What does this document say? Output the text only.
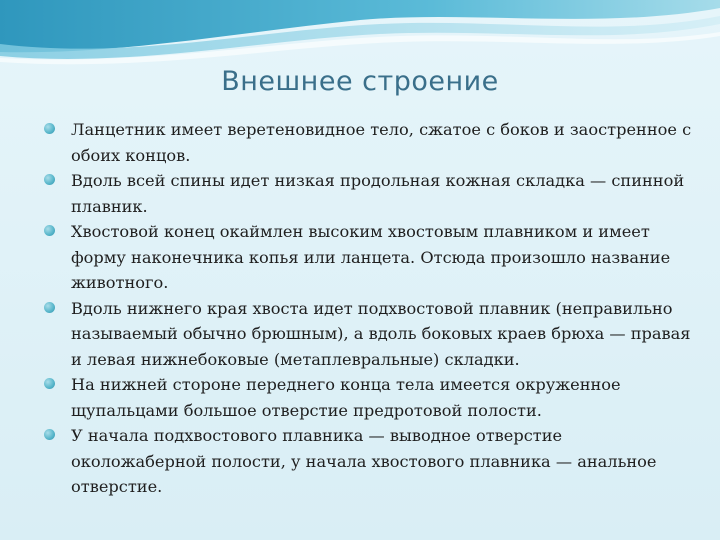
Внешнее строение
Ланцетник имеет веретеновидное тело, сжатое с боков и заостренное с обоих концов.
Вдоль всей спины идет низкая продольная кожная складка — спинной плавник.
Хвостовой конец окаймлен высоким хвостовым плавником и имеет форму наконечника копья или ланцета. Отсюда произошло название животного.
Вдоль нижнего края хвоста идет подхвостовой плавник (неправильно называемый обычно брюшным), а вдоль боковых краев брюха — правая и левая нижнебоковые (метаплевральные) складки.
На нижней стороне переднего конца тела имеется окруженное щупальцами большое отверстие предротовой полости.
У начала подхвостового плавника — выводное отверстие околожаберной полости, у начала хвостового плавника — анальное отверстие.
